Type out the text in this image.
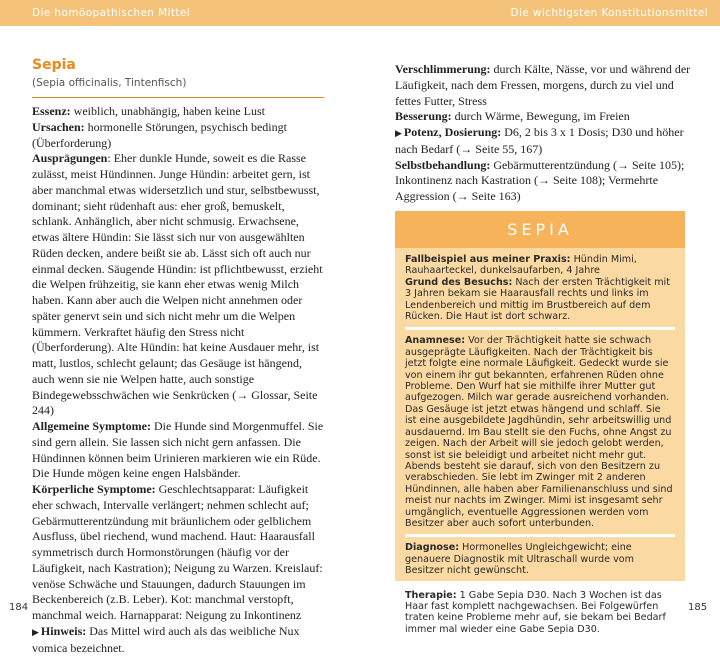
Die homöopathischen Mittel	Die wichtigsten Konstitutionsmittel
Sepia
(Sepia officinalis, Tintenfisch)

Essenz: weiblich, unabhängig, haben keine Lust

Ursachen: hormonelle Störungen, psychisch bedingt (Überforderung)

Ausprägungen: Eher dunkle Hunde, soweit es die Rasse zulässt, meist Hündinnen. Junge Hündin: arbeitet gern, ist aber manchmal etwas widersetzlich und stur, selbstbewusst, dominant; sieht rüdenhaft aus: eher groß, bemuskelt, schlank. Anhänglich, aber nicht schmusig. Erwachsene, etwas ältere Hündin: Sie lässt sich nur von ausgewählten Rüden decken, andere beißt sie ab. Lässt sich oft auch nur einmal decken. Säugende Hündin: ist pflichtbewusst, erzieht die Welpen frühzeitig, sie kann eher etwas wenig Milch haben. Kann aber auch die Welpen nicht annehmen oder später genervt sein und sich nicht mehr um die Welpen kümmern. Verkraftet häufig den Stress nicht (Überforderung). Alte Hündin: hat keine Ausdauer mehr, ist matt, lustlos, schlecht gelaunt; das Gesäuge ist hängend, auch wenn sie nie Welpen hatte, auch sonstige Bindegewebsschwächen wie Senkrücken (→ Glossar, Seite 244)

Allgemeine Symptome: Die Hunde sind Morgenmuffel. Sie sind gern allein. Sie lassen sich nicht gern anfassen. Die Hündinnen können beim Urinieren markieren wie ein Rüde. Die Hunde mögen keine engen Halsbänder.

Körperliche Symptome: Geschlechtsapparat: Läufigkeit eher schwach, Intervalle verlängert; nehmen schlecht auf; Gebärmutterentzündung mit bräunlichem oder gelblichem Ausfluss, übel riechend, wund machend. Haut: Haarausfall symmetrisch durch Hormonstörungen (häufig vor der Läufigkeit, nach Kastration); Neigung zu Warzen. Kreislauf: venöse Schwäche und Stauungen, dadurch Stauungen im Beckenbereich (z.B. Leber). Kot: manchmal verstopft, manchmal weich. Harnapparat: Neigung zu Inkontinenz

▶ Hinweis: Das Mittel wird auch als das weibliche Nux vomica bezeichnet.

Verschlimmerung: durch Kälte, Nässe, vor und während der Läufigkeit, nach dem Fressen, morgens, durch zu viel und fettes Futter, Stress

Besserung: durch Wärme, Bewegung, im Freien

▶ Potenz, Dosierung: D6, 2 bis 3 x 1 Dosis; D30 und höher nach Bedarf (→ Seite 55, 167)

Selbstbehandlung: Gebärmutterentzündung (→ Seite 105); Inkontinenz nach Kastration (→ Seite 108); Vermehrte Aggression (→ Seite 163)

SEPIA
Fallbeispiel aus meiner Praxis: Hündin Mimi, Rauhaarteckel, dunkelsaufarben, 4 Jahre
Grund des Besuchs: Nach der ersten Trächtigkeit mit 3 Jahren bekam sie Haarausfall rechts und links im Lendenbereich und mittig im Brustbereich auf dem Rücken. Die Haut ist dort schwarz.
Anamnese: Vor der Trächtigkeit hatte sie schwach ausgeprägte Läufigkeiten. Nach der Trächtigkeit bis jetzt folgte eine normale Läufigkeit. Gedeckt wurde sie von einem ihr gut bekannten, erfahrenen Rüden ohne Probleme. Den Wurf hat sie mithilfe ihrer Mutter gut aufgezogen. Milch war gerade ausreichend vorhanden. Das Gesäuge ist jetzt etwas hängend und schlaff. Sie ist eine ausgebildete Jagdhündin, sehr arbeitswillig und ausdauernd. Im Bau stellt sie den Fuchs, ohne Angst zu zeigen. Nach der Arbeit will sie jedoch gelobt werden, sonst ist sie beleidigt und arbeitet nicht mehr gut. Abends besteht sie darauf, sich von den Besitzern zu verabschieden. Sie lebt im Zwinger mit 2 anderen Hündinnen, alle haben aber Familienanschluss und sind meist nur nachts im Zwinger. Mimi ist insgesamt sehr umgänglich, eventuelle Aggressionen werden vom Besitzer aber auch sofort unterbunden.
Diagnose: Hormonelles Ungleichgewicht; eine genauere Diagnostik mit Ultraschall wurde vom Besitzer nicht gewünscht.
Therapie: 1 Gabe Sepia D30. Nach 3 Wochen ist das Haar fast komplett nachgewachsen. Bei Folgewürfen traten keine Probleme mehr auf, sie bekam bei Bedarf immer mal wieder eine Gabe Sepia D30.
184	185
